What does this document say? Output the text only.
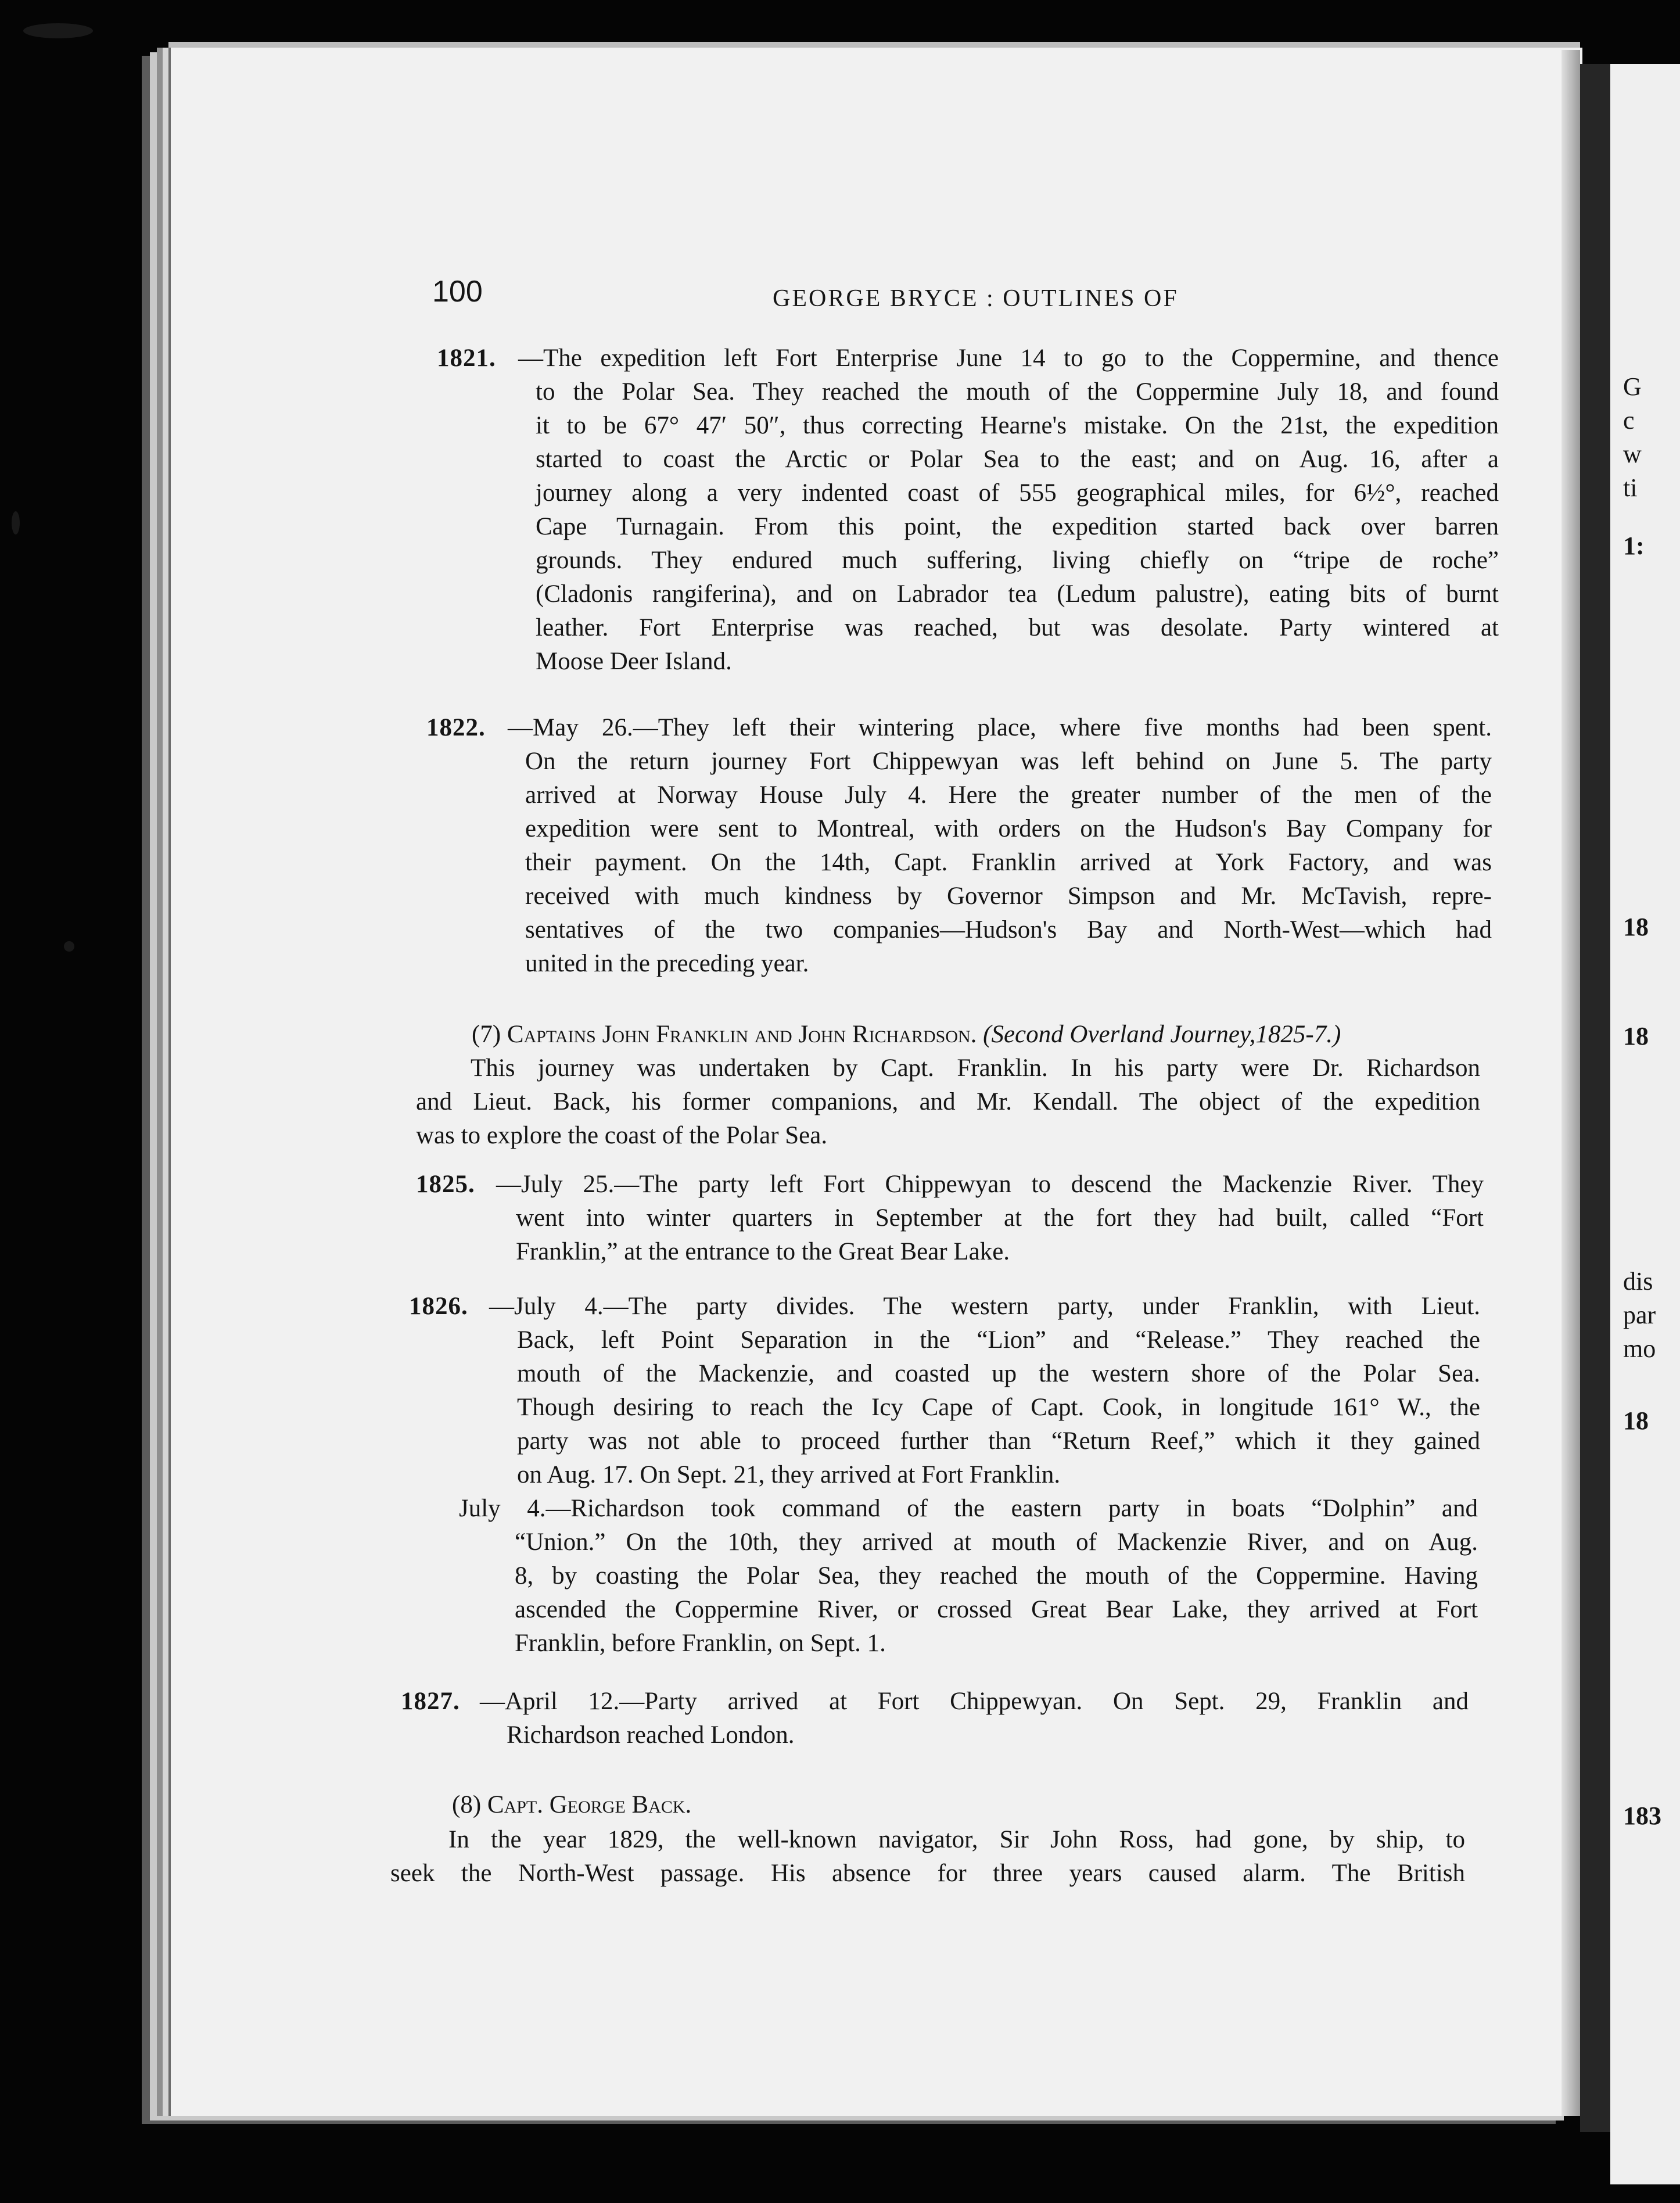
G
c
w
ti
1:
18
18
dis
par
mo
18
183
100	GEORGE BRYCE : OUTLINES OF
1821. —The expedition left Fort Enterprise June 14 to go to the Coppermine, and thence

to the Polar Sea. They reached the mouth of the Coppermine July 18, and found

it to be 67° 47′ 50″, thus correcting Hearne's mistake. On the 21st, the expedition

started to coast the Arctic or Polar Sea to the east; and on Aug. 16, after a

journey along a very indented coast of 555 geographical miles, for 6½°, reached

Cape Turnagain. From this point, the expedition started back over barren

grounds. They endured much suffering, living chiefly on “tripe de roche”

(Cladonis rangiferina), and on Labrador tea (Ledum palustre), eating bits of burnt

leather. Fort Enterprise was reached, but was desolate. Party wintered at

Moose Deer Island.

1822. —May 26.—They left their wintering place, where five months had been spent.

On the return journey Fort Chippewyan was left behind on June 5. The party

arrived at Norway House July 4. Here the greater number of the men of the

expedition were sent to Montreal, with orders on the Hudson's Bay Company for

their payment. On the 14th, Capt. Franklin arrived at York Factory, and was

received with much kindness by Governor Simpson and Mr. McTavish, repre-

sentatives of the two companies—Hudson's Bay and North-West—which had

united in the preceding year.

(7) Captains John Franklin and John Richardson. (Second Overland Journey,1825-7.)

This journey was undertaken by Capt. Franklin. In his party were Dr. Richardson

and Lieut. Back, his former companions, and Mr. Kendall. The object of the expedition

was to explore the coast of the Polar Sea.

1825. —July 25.—The party left Fort Chippewyan to descend the Mackenzie River. They

went into winter quarters in September at the fort they had built, called “Fort

Franklin,” at the entrance to the Great Bear Lake.

1826. —July 4.—The party divides. The western party, under Franklin, with Lieut.

Back, left Point Separation in the “Lion” and “Release.” They reached the

mouth of the Mackenzie, and coasted up the western shore of the Polar Sea.

Though desiring to reach the Icy Cape of Capt. Cook, in longitude 161° W., the

party was not able to proceed further than “Return Reef,” which it they gained

on Aug. 17. On Sept. 21, they arrived at Fort Franklin.

July 4.—Richardson took command of the eastern party in boats “Dolphin” and

“Union.” On the 10th, they arrived at mouth of Mackenzie River, and on Aug.

8, by coasting the Polar Sea, they reached the mouth of the Coppermine. Having

ascended the Coppermine River, or crossed Great Bear Lake, they arrived at Fort

Franklin, before Franklin, on Sept. 1.

1827. —April 12.—Party arrived at Fort Chippewyan. On Sept. 29, Franklin and

Richardson reached London.

(8) Capt. George Back.

In the year 1829, the well-known navigator, Sir John Ross, had gone, by ship, to

seek the North-West passage. His absence for three years caused alarm. The British
